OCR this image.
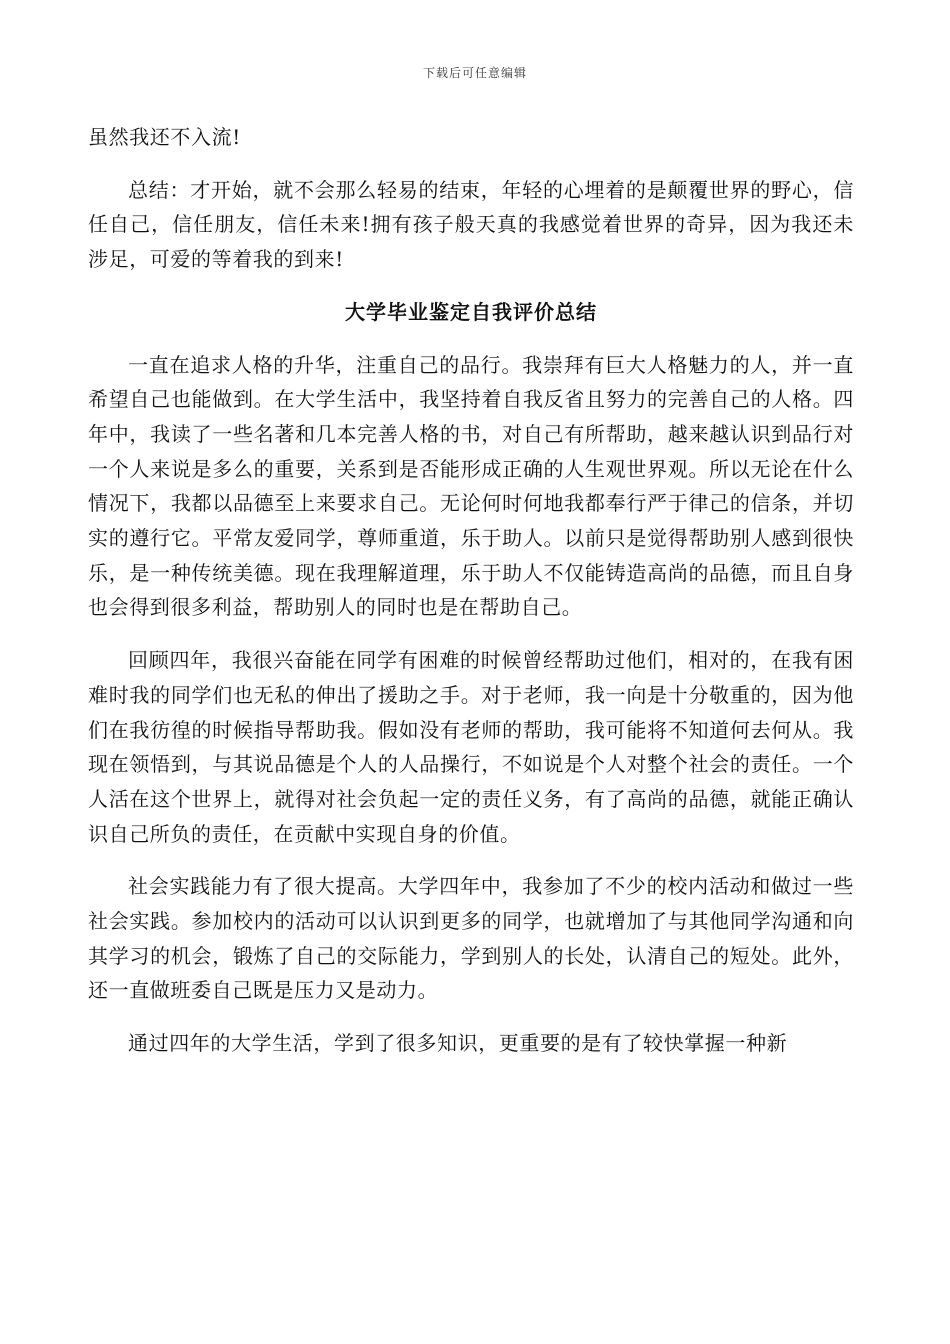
下载后可任意编辑

虽然我还不入流!

总结：才开始，就不会那么轻易的结束，年轻的心埋着的是颠覆世界的野心，信任自己，信任朋友，信任未来!拥有孩子般天真的我感觉着世界的奇异，因为我还未涉足，可爱的等着我的到来!

大学毕业鉴定自我评价总结

一直在追求人格的升华，注重自己的品行。我崇拜有巨大人格魅力的人，并一直希望自己也能做到。在大学生活中，我坚持着自我反省且努力的完善自己的人格。四年中，我读了一些名著和几本完善人格的书，对自己有所帮助，越来越认识到品行对一个人来说是多么的重要，关系到是否能形成正确的人生观世界观。所以无论在什么情况下，我都以品德至上来要求自己。无论何时何地我都奉行严于律己的信条，并切实的遵行它。平常友爱同学，尊师重道，乐于助人。以前只是觉得帮助别人感到很快乐，是一种传统美德。现在我理解道理，乐于助人不仅能铸造高尚的品德，而且自身也会得到很多利益，帮助别人的同时也是在帮助自己。

回顾四年，我很兴奋能在同学有困难的时候曾经帮助过他们，相对的，在我有困难时我的同学们也无私的伸出了援助之手。对于老师，我一向是十分敬重的，因为他们在我彷徨的时候指导帮助我。假如没有老师的帮助，我可能将不知道何去何从。我现在领悟到，与其说品德是个人的人品操行，不如说是个人对整个社会的责任。一个人活在这个世界上，就得对社会负起一定的责任义务，有了高尚的品德，就能正确认识自己所负的责任，在贡献中实现自身的价值。

社会实践能力有了很大提高。大学四年中，我参加了不少的校内活动和做过一些社会实践。参加校内的活动可以认识到更多的同学，也就增加了与其他同学沟通和向其学习的机会，锻炼了自己的交际能力，学到别人的长处，认清自己的短处。此外，还一直做班委自己既是压力又是动力。

通过四年的大学生活，学到了很多知识，更重要的是有了较快掌握一种新
